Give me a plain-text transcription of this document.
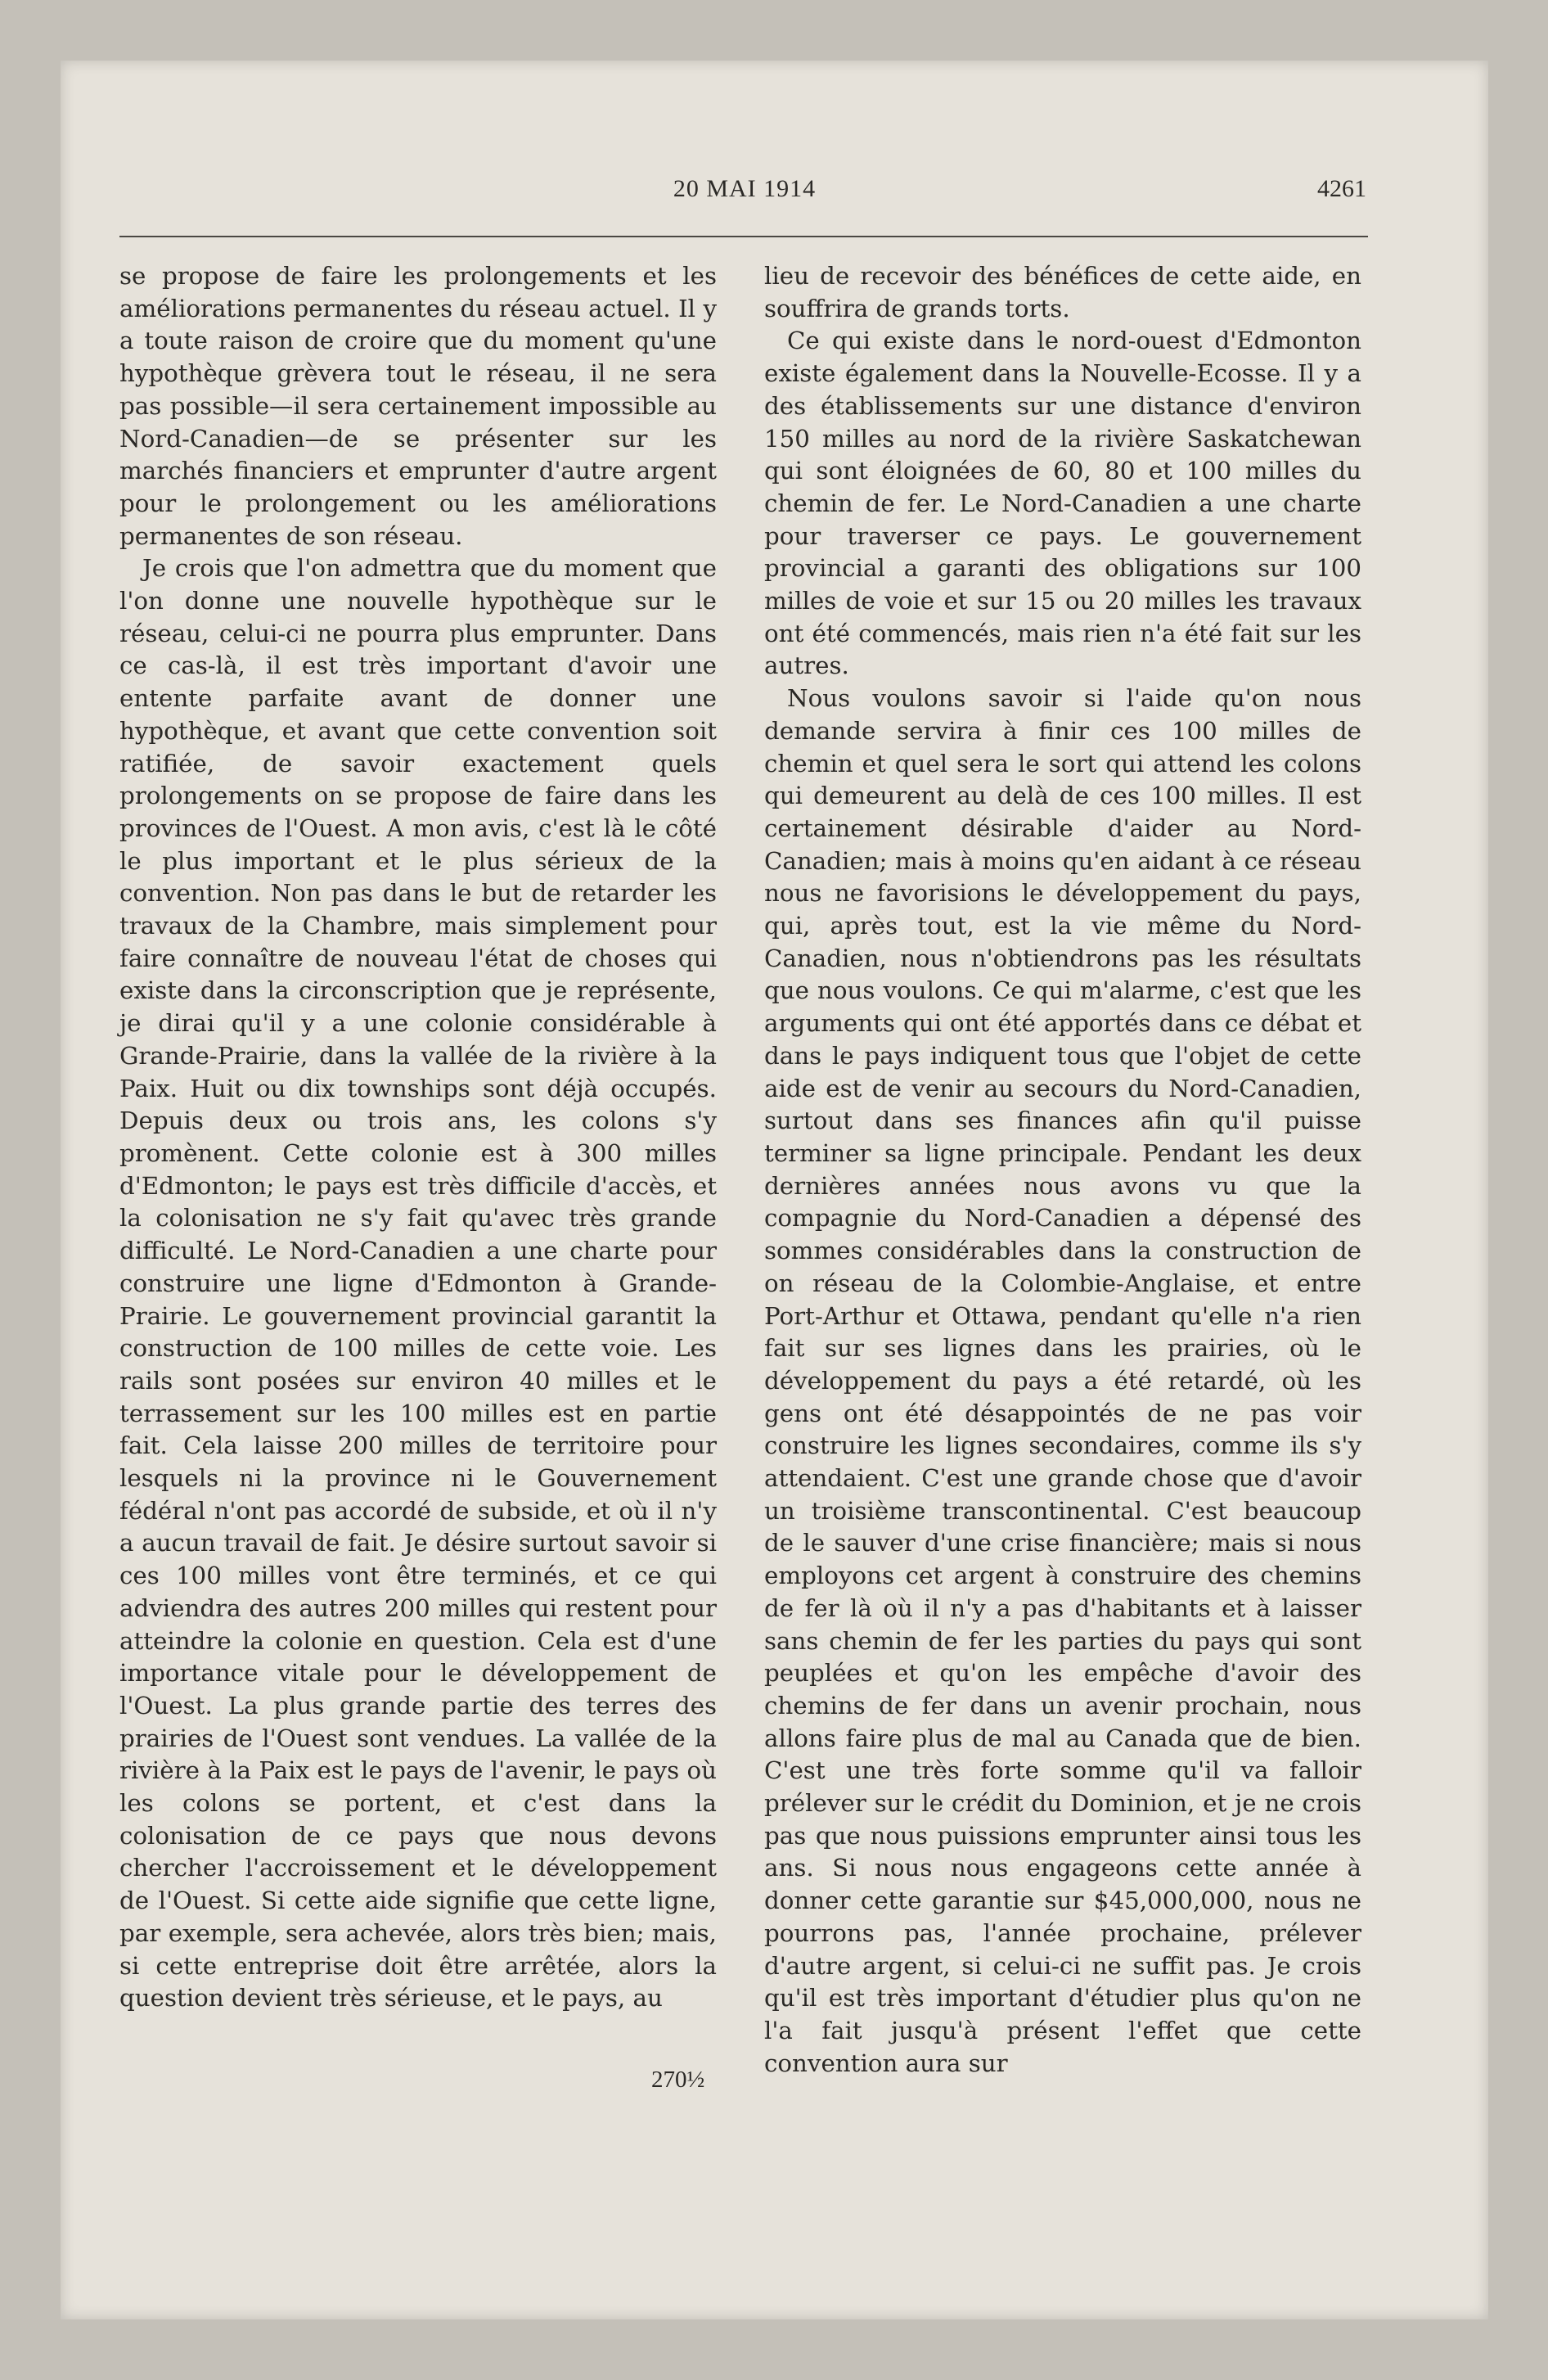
20 MAI 1914	4261

se propose de faire les prolongements et les améliorations permanentes du réseau actuel. Il y a toute raison de croire que du moment qu'une hypothèque grèvera tout le réseau, il ne sera pas possible—il sera certainement impossible au Nord-Canadien—de se présenter sur les marchés financiers et emprunter d'autre argent pour le prolongement ou les améliorations permanentes de son réseau.

Je crois que l'on admettra que du moment que l'on donne une nouvelle hypothèque sur le réseau, celui-ci ne pourra plus emprunter. Dans ce cas-là, il est très important d'avoir une entente parfaite avant de donner une hypothèque, et avant que cette convention soit ratifiée, de savoir exactement quels prolongements on se propose de faire dans les provinces de l'Ouest. A mon avis, c'est là le côté le plus important et le plus sérieux de la convention. Non pas dans le but de retarder les travaux de la Chambre, mais simplement pour faire connaître de nouveau l'état de choses qui existe dans la circonscription que je représente, je dirai qu'il y a une colonie considérable à Grande-Prairie, dans la vallée de la rivière à la Paix. Huit ou dix townships sont déjà occupés. Depuis deux ou trois ans, les colons s'y promènent. Cette colonie est à 300 milles d'Edmonton; le pays est très difficile d'accès, et la colonisation ne s'y fait qu'avec très grande difficulté. Le Nord-Canadien a une charte pour construire une ligne d'Edmonton à Grande-Prairie. Le gouvernement provincial garantit la construction de 100 milles de cette voie. Les rails sont posées sur environ 40 milles et le terrassement sur les 100 milles est en partie fait. Cela laisse 200 milles de territoire pour lesquels ni la province ni le Gouvernement fédéral n'ont pas accordé de subside, et où il n'y a aucun travail de fait. Je désire surtout savoir si ces 100 milles vont être terminés, et ce qui adviendra des autres 200 milles qui restent pour atteindre la colonie en question. Cela est d'une importance vitale pour le développement de l'Ouest. La plus grande partie des terres des prairies de l'Ouest sont vendues. La vallée de la rivière à la Paix est le pays de l'avenir, le pays où les colons se portent, et c'est dans la colonisation de ce pays que nous devons chercher l'accroissement et le développement de l'Ouest. Si cette aide signifie que cette ligne, par exemple, sera achevée, alors très bien; mais, si cette entreprise doit être arrêtée, alors la question devient très sérieuse, et le pays, au

lieu de recevoir des bénéfices de cette aide, en souffrira de grands torts.

Ce qui existe dans le nord-ouest d'Edmonton existe également dans la Nouvelle-Ecosse. Il y a des établissements sur une distance d'environ 150 milles au nord de la rivière Saskatchewan qui sont éloignées de 60, 80 et 100 milles du chemin de fer. Le Nord-Canadien a une charte pour traverser ce pays. Le gouvernement provincial a garanti des obligations sur 100 milles de voie et sur 15 ou 20 milles les travaux ont été commencés, mais rien n'a été fait sur les autres.

Nous voulons savoir si l'aide qu'on nous demande servira à finir ces 100 milles de chemin et quel sera le sort qui attend les colons qui demeurent au delà de ces 100 milles. Il est certainement désirable d'aider au Nord-Canadien; mais à moins qu'en aidant à ce réseau nous ne favorisions le développement du pays, qui, après tout, est la vie même du Nord-Canadien, nous n'obtiendrons pas les résultats que nous voulons. Ce qui m'alarme, c'est que les arguments qui ont été apportés dans ce débat et dans le pays indiquent tous que l'objet de cette aide est de venir au secours du Nord-Canadien, surtout dans ses finances afin qu'il puisse terminer sa ligne principale. Pendant les deux dernières années nous avons vu que la compagnie du Nord-Canadien a dépensé des sommes considérables dans la construction de on réseau de la Colombie-Anglaise, et entre Port-Arthur et Ottawa, pendant qu'elle n'a rien fait sur ses lignes dans les prairies, où le développement du pays a été retardé, où les gens ont été désappointés de ne pas voir construire les lignes secondaires, comme ils s'y attendaient. C'est une grande chose que d'avoir un troisième transcontinental. C'est beaucoup de le sauver d'une crise financière; mais si nous employons cet argent à construire des chemins de fer là où il n'y a pas d'habitants et à laisser sans chemin de fer les parties du pays qui sont peuplées et qu'on les empêche d'avoir des chemins de fer dans un avenir prochain, nous allons faire plus de mal au Canada que de bien. C'est une très forte somme qu'il va falloir prélever sur le crédit du Dominion, et je ne crois pas que nous puissions emprunter ainsi tous les ans. Si nous nous engageons cette année à donner cette garantie sur $45,000,000, nous ne pourrons pas, l'année prochaine, prélever d'autre argent, si celui-ci ne suffit pas. Je crois qu'il est très important d'étudier plus qu'on ne l'a fait jusqu'à présent l'effet que cette convention aura sur

270½
